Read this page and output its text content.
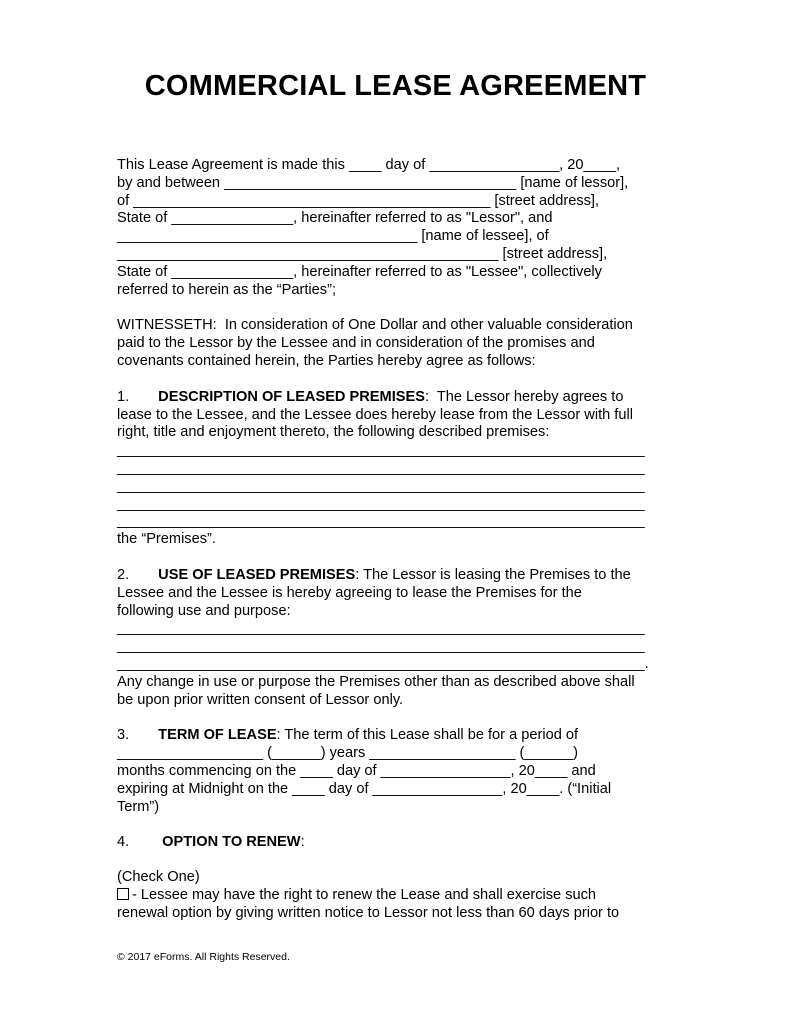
COMMERCIAL LEASE AGREEMENT
This Lease Agreement is made this ____ day of ________________, 20____,
by and between ____________________________________ [name of lessor],
of ____________________________________________ [street address],
State of _______________, hereinafter referred to as "Lessor", and
_____________________________________ [name of lessee], of
_______________________________________________ [street address],
State of _______________, hereinafter referred to as "Lessee", collectively
referred to herein as the “Parties”;
WITNESSETH:  In consideration of One Dollar and other valuable consideration
paid to the Lessor by the Lessee and in consideration of the promises and
covenants contained herein, the Parties hereby agree as follows:
1. DESCRIPTION OF LEASED PREMISES:  The Lessor hereby agrees to
lease to the Lessee, and the Lessee does hereby lease from the Lessor with full
right, title and enjoyment thereto, the following described premises:
_________________________________________________________________
_________________________________________________________________
_________________________________________________________________
_________________________________________________________________
_________________________________________________________________
the “Premises”.
2. USE OF LEASED PREMISES: The Lessor is leasing the Premises to the
Lessee and the Lessee is hereby agreeing to lease the Premises for the
following use and purpose:
_________________________________________________________________
_________________________________________________________________
_________________________________________________________________.
Any change in use or purpose the Premises other than as described above shall
be upon prior written consent of Lessor only.
3. TERM OF LEASE: The term of this Lease shall be for a period of
__________________ (______) years __________________ (______)
months commencing on the ____ day of ________________, 20____ and
expiring at Midnight on the ____ day of ________________, 20____. (“Initial
Term”)
4. OPTION TO RENEW:
(Check One)
- Lessee may have the right to renew the Lease and shall exercise such
renewal option by giving written notice to Lessor not less than 60 days prior to
© 2017 eForms. All Rights Reserved.
